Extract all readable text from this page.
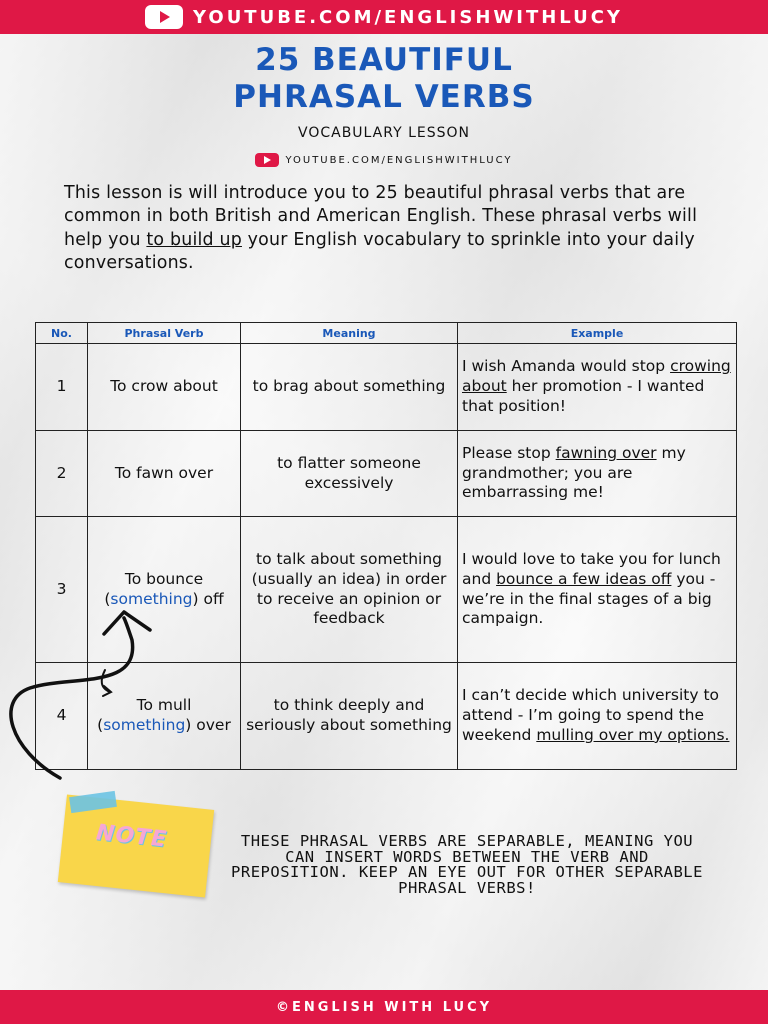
YOUTUBE.COM/ENGLISHWITHLUCY
25 BEAUTIFUL
PHRASAL VERBS
VOCABULARY LESSON
YOUTUBE.COM/ENGLISHWITHLUCY
This lesson is will introduce you to 25 beautiful phrasal verbs that are common in both British and American English. These phrasal verbs will help you to build up your English vocabulary to sprinkle into your daily conversations.
No.	Phrasal Verb	Meaning	Example
1	To crow about	to brag about something	I wish Amanda would stop crowing about her promotion - I wanted that position!
2	To fawn over	to flatter someone excessively	Please stop fawning over my grandmother; you are embarrassing me!
3	To bounce (something) off	to talk about something (usually an idea) in order to receive an opinion or feedback	I would love to take you for lunch and bounce a few ideas off you - we’re in the final stages of a big campaign.
4	To mull (something) over	to think deeply and seriously about something	I can’t decide which university to attend - I’m going to spend the weekend mulling over my options.
NOTE	THESE PHRASAL VERBS ARE SEPARABLE, MEANING YOU CAN INSERT WORDS BETWEEN THE VERB AND PREPOSITION. KEEP AN EYE OUT FOR OTHER SEPARABLE PHRASAL VERBS!
©ENGLISH WITH LUCY
